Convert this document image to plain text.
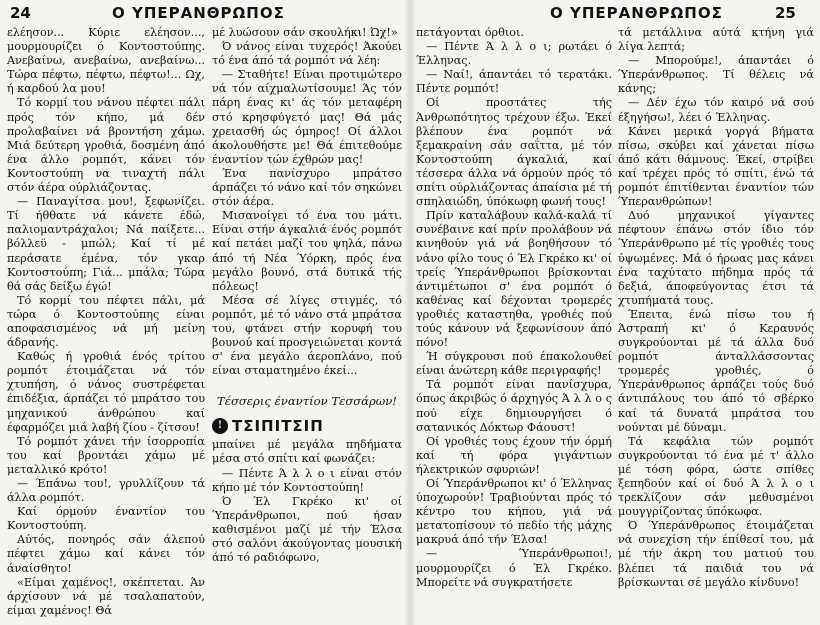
24	Ο ΥΠΕΡΑΝΘΡΩΠΟΣ

ελέησον... Κύριε ελέησον..., μουρμουρίζει ό Κοντοστούπης. Ανεβαίνω, ανεβαίνω, ανεβαίνω... Τώρα πέφτω, πέφτω, πέφτω!... Ωχ, ή καρδού λα μου!

Τό κορμί του νάνου πέφτει πάλι πρός τόν κήπο, μά δέν προλαβαίνει νά βροντήση χάμω. Μιά δεύτερη γροθιά, δοσμένη άπό ένα άλλο ρομπότ, κάνει τόν Κοντοστούπη να τιναχτή πάλι στόν άέρα ούρλιάζοντας.

— Παναγίτσα μου!, ξεφωνίζει. Τί ήθθατε νά κάνετε έδώ, παλιομαντράχαλοι; Νά παίξετε... βόλλεϋ - μπώλ; Καί τί μέ περάσατε έμένα, τόν γκαρ Κοντοστούπη; Γιά... μπάλα; Τώρα θά σάς δείξω έγώ!

Τό κορμί του πέφτει πάλι, μά τώρα ό Κοντοστούπης είναι αποφασισμένος νά μή μείνη άδρανής.

Καθώς ή γροθιά ένός τρίτου ρομπότ έτοιμάζεται νά τόν χτυπήση, ό νάνος συστρέφεται έπιδέξια, άρπάζει τό μπράτσο του μηχανικού άνθρώπου καί έφαρμόζει μιά λαβή ζίου - ζίτσου!

Τό ρομπότ χάνει τήν ίσορροπία του καί βροντάει χάμω μέ μεταλλικό κρότο!

— Έπάνω του!, γρυλλίζουν τά άλλα ρομπότ.

Καί όρμούν έναντίον του Κοντοστούπη.

Αύτός, πονηρός σάν άλεπού πέφτει χάμω καί κάνει τόν άναίσθητο!

«Είμαι χαμένος!, σκέπτεται. Άν άρχίσουν νά μέ τσαλαπατούν, είμαι χαμένος! Θά

μέ λυώσουν σάν σκουλήκι! Ώχ!»

Ό νάνος είναι τυχερός! Άκούει τό ένα άπό τά ρομπότ νά λέη:

— Σταθήτε! Είναι προτιμώτερο νά τόν αίχμαλωτίσουμε! Άς τόν πάρη ένας κι' άς τόν μεταφέρη στό κρησφύγετό μας! Θά μάς χρειασθή ώς όμηρος! Οί άλλοι άκολουθήστε με! Θά έπιτεθούμε έναντίον τών έχθρών μας!

Ένα πανίσχυρο μπράτσο άρπάζει τό νάνο καί τόν σηκώνει στόν άέρα.

Μισανοίγει τό ένα του μάτι. Είναι στήν άγκαλιά ένός ρομπότ καί πετάει μαζί του ψηλά, πάνω άπό τή Νέα Ύόρκη, πρός ένα μεγάλο βουνό, στά δυτικά τής πόλεως!

Μέσα σέ λίγες στιγμές, τό ρομπότ, μέ τό νάνο στά μπράτσα του, φτάνει στήν κορυφή του βουνού καί προσγειώνεται κοντά σ' ένα μεγάλο άεροπλάνο, πού είναι σταματημένο έκεί...

Τέσσερις έναντίον Τεσσάρων!

! ΤΣΙΠΙΤΣΙΠ

μπαίνει μέ μεγάλα πηδήματα μέσα στό σπίτι καί φωνάζει:

— Πέντε Ά λ λ ο ι είναι στόν κήπο μέ τόν Κοντοστούπη!

Ό Έλ Γκρέκο κι' οί Ύπεράνθρωποι, πού ήσαν καθισμένοι μαζί μέ τήν Έλσα στό σαλόνι άκούγοντας μουσική άπό τό ραδιόφωνο,

Ο ΥΠΕΡΑΝΘΡΩΠΟΣ	25

πετάγονται όρθιοι.

— Πέντε Ά λ λ ο ι; ρωτάει ό Έλληνας.

— Ναί!, άπαντάει τό τερατάκι. Πέντε ρομπότ!

Οί προστάτες τής Άνθρωπότητος τρέχουν έξω. Έκεί βλέπουν ένα ρομπότ νά ξεμακραίνη σάν σαΐττα, μέ τόν Κοντοστούπη άγκαλιά, καί τέσσερα άλλα νά όρμούν πρός τό σπίτι ούρλιάζοντας άπαίσια μέ τή σπηλαιώδη, ύπόκωφη φωνή τους!

Πρίν καταλάβουν καλά-καλά τί συνέβαινε καί πρίν προλάβουν νά κινηθούν γιά νά βοηθήσουν τό νάνο φίλο τους ό Έλ Γκρέκο κι' οί τρείς Ύπεράνθρωποι βρίσκονται άντιμέτωποι σ' ένα ρομπότ ό καθένας καί δέχονται τρομερές γροθιές καταστηθα, γροθιές πού τούς κάνουν νά ξεφωνίσουν άπό πόνο!

Ή σύγκρουσι πού έπακολουθεί είναι άνώτερη κάθε περιγραφής!

Τά ρομπότ είναι πανίσχυρα, όπως άκριβώς ό άρχηγός Ά λ λ ο ς πού είχε δημιουργήσει ό σατανικός Δόκτωρ Φάουστ!

Οί γροθιές τους έχουν τήν όρμή καί τή φόρα γιγάντιων ήλεκτρικών σφυριών!

Οί Ύπεράνθρωποι κι' ό Έλληνας ύποχωρούν! Τραβιούνται πρός τό κέντρο του κήπου, γιά νά μετατοπίσουν τό πεδίο τής μάχης μακρυά άπό τήν Έλσα!

— Ύπεράνθρωποι!, μουρμουρίζει ό Έλ Γκρέκο. Μπορείτε νά συγκρατήσετε

τά μετάλλινα αύτά κτήνη γιά λίγα λεπτά;

— Μπορούμε!, άπαντάει ό Ύπεράνθρωπος. Τί θέλεις νά κάνης;

— Δέν έχω τόν καιρό νά σού έξηγήσω!, λέει ό Έλληνας.

Κάνει μερικά γοργά βήματα πίσω, σκύβει καί χάνεται πίσω άπό κάτι θάμνους. Έκεί, στρίβει καί τρέχει πρός τό σπίτι, ένώ τά ρομπότ έπιτίθενται έναντίον τών Ύπερανθρώπων!

Δυό μηχανικοί γίγαντες πέφτουν έπάνω στόν ίδιο τόν Ύπεράνθρωπο μέ τίς γροθιές τους ύψωμένες. Μά ό ήρωας μας κάνει ένα ταχύτατο πήδημα πρός τά δεξιά, άποφεύγοντας έτσι τά χτυπήματά τους.

Έπειτα, ένώ πίσω του ή Άστραπή κι' ό Κεραυνός συγκρούονται μέ τά άλλα δυό ρομπότ άνταλλάσσοντας τρομερές γροθιές, ό Ύπεράνθρωπος άρπάζει τούς δυό άντιπάλους του άπό τό σβέρκο καί τά δυνατά μπράτσα του νούνται μέ δύναμι.

Τά κεφάλια τών ρομπότ συγκρούονται τό ένα μέ τ' άλλο μέ τόση φόρα, ώστε σπίθες ξεπηδούν καί οί δυό Ά λ λ ο ι τρεκλίζουν σάν μεθυσμένοι μουγγρίζοντας ύπόκωφα.

Ό Ύπεράνθρωπος έτοιμάζεται νά συνεχίση τήν έπίθεσί του, μά μέ τήν άκρη του ματιού του βλέπει τά παιδιά του νά βρίσκωνται σέ μεγάλο κίνδυνο!
